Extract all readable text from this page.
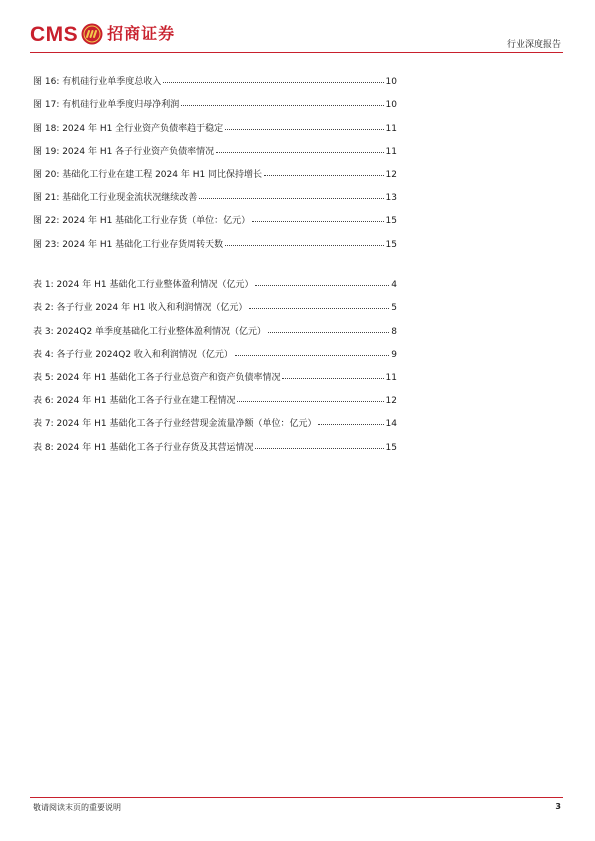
CMS 招商证券
行业深度报告
图 16: 有机硅行业单季度总收入	10
图 17: 有机硅行业单季度归母净利润	10
图 18: 2024 年 H1 全行业资产负债率趋于稳定	11
图 19: 2024 年 H1 各子行业资产负债率情况	11
图 20: 基础化工行业在建工程 2024 年 H1 同比保持增长	12
图 21: 基础化工行业现金流状况继续改善	13
图 22: 2024 年 H1 基础化工行业存货（单位：亿元）	15
图 23: 2024 年 H1 基础化工行业存货周转天数	15
表 1: 2024 年 H1 基础化工行业整体盈利情况（亿元）	4
表 2: 各子行业 2024 年 H1 收入和利润情况（亿元）	5
表 3: 2024Q2 单季度基础化工行业整体盈利情况（亿元）	8
表 4: 各子行业 2024Q2 收入和利润情况（亿元）	9
表 5: 2024 年 H1 基础化工各子行业总资产和资产负债率情况	11
表 6: 2024 年 H1 基础化工各子行业在建工程情况	12
表 7: 2024 年 H1 基础化工各子行业经营现金流量净额（单位：亿元）	14
表 8: 2024 年 H1 基础化工各子行业存货及其营运情况	15
敬请阅读末页的重要说明	3
